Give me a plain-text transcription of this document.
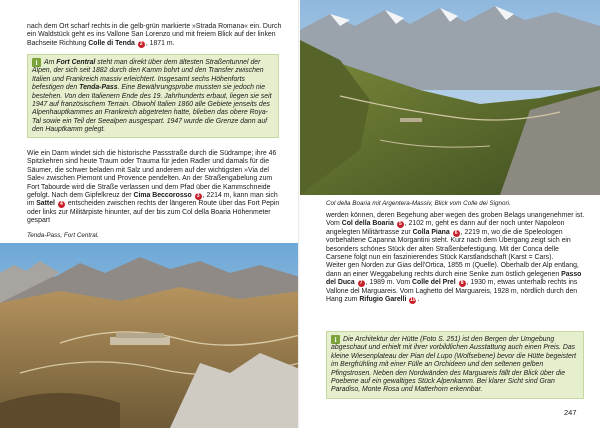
nach dem Ort scharf rechts in die gelb-grün markierte »Strada Romana« ein. Durch ein Waldstück geht es ins Vallone San Lorenzo und mit freiem Blick auf der linken Bachseite Richtung Colle di Tenda 2 , 1871 m.

i Am Fort Central steht man direkt über dem ältesten Straßentunnel der Alpen, der sich seit 1882 durch den Kamm bohrt und den Transfer zwischen Italien und Frankreich massiv erleichtert. Insgesamt sechs Höhenforts befestigen den Tenda-Pass. Eine Bewährungsprobe mussten sie jedoch nie bestehen. Von den Italienern Ende des 19. Jahrhunderts erbaut, liegen sie seit 1947 auf französischem Terrain. Obwohl Italien 1860 alle Gebiete jenseits des Alpenhauptkammes an Frankreich abgetreten hatte, blieben das obere Roya-Tal sowie ein Teil der Seealpen ausgespart. 1947 wurde die Grenze dann auf den Hauptkamm gelegt.

Wie ein Darm windet sich die historische Passstraße durch die Südrampe; ihre 46 Spitzkehren sind heute Traum oder Trauma für jeden Radler und damals für die Säumer, die schwer beladen mit Salz und anderem auf der wichtigsten »Via del Sale« zwischen Piemont und Provence pendelten. An der Straßengabelung zum Fort Tabourde wird die Straße verlassen und dem Pfad über die Kammschneide gefolgt. Nach dem Gipfelkreuz der Cima Beccorosso 3 , 2214 m, kann man sich im Sattel 4 entscheiden zwischen rechts der längeren Route über das Fort Pepin oder links zur Militärpiste hinunter, auf der bis zum Col della Boaria Höhenmeter gespart

Tenda-Pass, Fort Central.
Col della Boaria mit Argentera-Massiv, Blick vom Colle dei Signori.

werden können, deren Begehung aber wegen des groben Belags unangenehmer ist.
Vom Col della Boaria 5 , 2102 m, geht es dann auf der noch unter Napoleon angelegten Militärtrasse zur Colla Piana 6 , 2219 m, wo die die Speleologen vorbehaltene Capanna Morgantini steht. Kurz nach dem Übergang zeigt sich ein besonders schönes Stück der alten Straßenbefestigung. Mit der Conca delle Carsene folgt nun ein faszinierendes Stück Karstlandschaft (Karst = Cars).
Weiter gen Norden zur Gias dell'Ortica, 1855 m (Quelle). Oberhalb der Alp entlang, dann an einer Weggabelung rechts durch eine Senke zum östlich gelegenen Passo del Duca 7 , 1989 m. Vom Colle del Prel 8 , 1930 m, etwas unterhalb rechts ins Vallone del Marguareis. Vom Laghetto del Marguareis, 1928 m, nördlich durch den Hang zum Rifugio Garelli 10 .

i Die Architektur der Hütte (Foto S. 251) ist den Bergen der Umgebung abgeschaut und erhielt mit ihrer vorbildlichen Ausstattung auch einen Preis. Das kleine Wiesenplateau der Pian del Lupo (Wolfsebene) bevor die Hütte begeistert im Bergfrühling mit einer Fülle an Orchideen und den seltenen gelben Pfingstrosen. Neben den Nordwänden des Marguareis fällt der Blick über die Poebene auf ein gewaltiges Stück Alpenkamm. Bei klarer Sicht sind Gran Paradiso, Monte Rosa und Matterhorn erkennbar.

247
